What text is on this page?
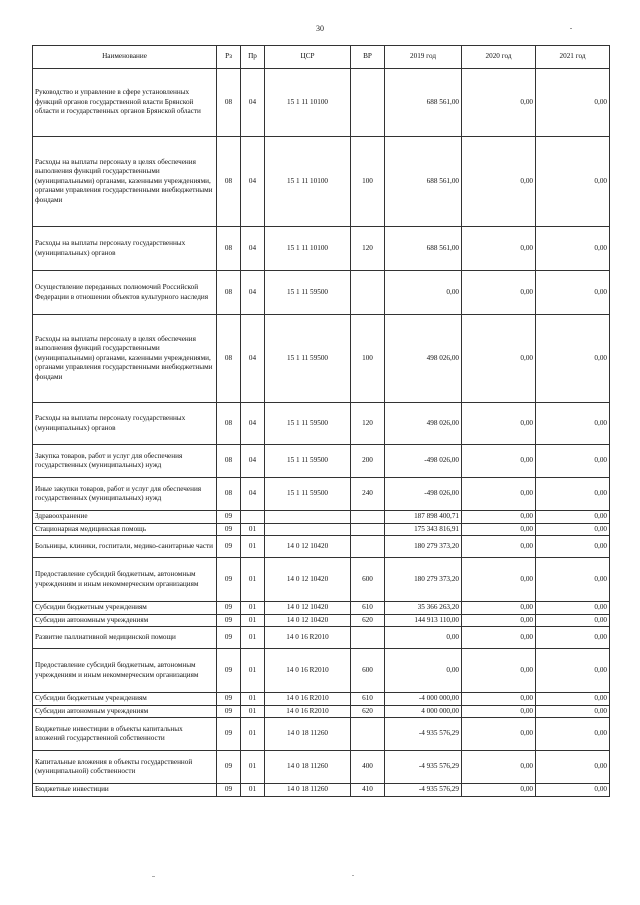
30
Наименование	Рз	Пр	ЦСР	ВР	2019 год	2020 год	2021 год
Руководство и управление в сфере установленных функций органов государственной власти Брянской области и государственных органов Брянской области	08	04	15 1 11 10100		688 561,00	0,00	0,00
Расходы на выплаты персоналу в целях обеспечения выполнения функций государственными (муниципальными) органами, казенными учреждениями, органами управления государственными внебюджетными фондами	08	04	15 1 11 10100	100	688 561,00	0,00	0,00
Расходы на выплаты персоналу государственных (муниципальных) органов	08	04	15 1 11 10100	120	688 561,00	0,00	0,00
Осуществление переданных полномочий Российской Федерации в отношении объектов культурного наследия	08	04	15 1 11 59500		0,00	0,00	0,00
Расходы на выплаты персоналу в целях обеспечения выполнения функций государственными (муниципальными) органами, казенными учреждениями, органами управления государственными внебюджетными фондами	08	04	15 1 11 59500	100	498 026,00	0,00	0,00
Расходы на выплаты персоналу государственных (муниципальных) органов	08	04	15 1 11 59500	120	498 026,00	0,00	0,00
Закупка товаров, работ и услуг для обеспечения государственных (муниципальных) нужд	08	04	15 1 11 59500	200	-498 026,00	0,00	0,00
Иные закупки товаров, работ и услуг для обеспечения государственных (муниципальных) нужд	08	04	15 1 11 59500	240	-498 026,00	0,00	0,00
Здравоохранение	09				187 898 400,71	0,00	0,00
Стационарная медицинская помощь	09	01			175 343 816,91	0,00	0,00
Больницы, клиники, госпитали, медико-санитарные части	09	01	14 0 12 10420		180 279 373,20	0,00	0,00
Предоставление субсидий бюджетным, автономным учреждениям и иным некоммерческим организациям	09	01	14 0 12 10420	600	180 279 373,20	0,00	0,00
Субсидии бюджетным учреждениям	09	01	14 0 12 10420	610	35 366 263,20	0,00	0,00
Субсидии автономным учреждениям	09	01	14 0 12 10420	620	144 913 110,00	0,00	0,00
Развитие паллиативной медицинской помощи	09	01	14 0 16 R2010		0,00	0,00	0,00
Предоставление субсидий бюджетным, автономным учреждениям и иным некоммерческим организациям	09	01	14 0 16 R2010	600	0,00	0,00	0,00
Субсидии бюджетным учреждениям	09	01	14 0 16 R2010	610	-4 000 000,00	0,00	0,00
Субсидии автономным учреждениям	09	01	14 0 16 R2010	620	4 000 000,00	0,00	0,00
Бюджетные инвестиции в объекты капитальных вложений государственной собственности	09	01	14 0 18 11260		-4 935 576,29	0,00	0,00
Капитальные вложения в объекты государственной (муниципальной) собственности	09	01	14 0 18 11260	400	-4 935 576,29	0,00	0,00
Бюджетные инвестиции	09	01	14 0 18 11260	410	-4 935 576,29	0,00	0,00
